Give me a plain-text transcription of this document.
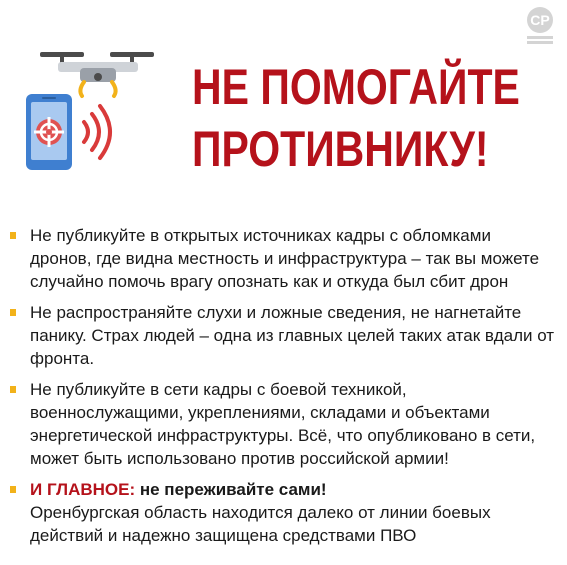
СР
НЕ ПОМОГАЙТЕ
ПРОТИВНИКУ!
Не публикуйте в открытых источниках кадры с обломками дронов, где видна местность и инфраструктура – так вы можете случайно помочь врагу опознать как и откуда был сбит дрон
Не распространяйте слухи и ложные сведения, не нагнетайте панику. Страх людей – одна из главных целей таких атак вдали от фронта.
Не публикуйте в сети кадры с боевой техникой, военнослужащими, укреплениями, складами и объектами энергетической инфраструктуры. Всё, что опубликовано в сети, может быть использовано против российской армии!
И ГЛАВНОЕ: не переживайте сами!
Оренбургская область находится далеко от линии боевых действий и надежно защищена средствами ПВО
